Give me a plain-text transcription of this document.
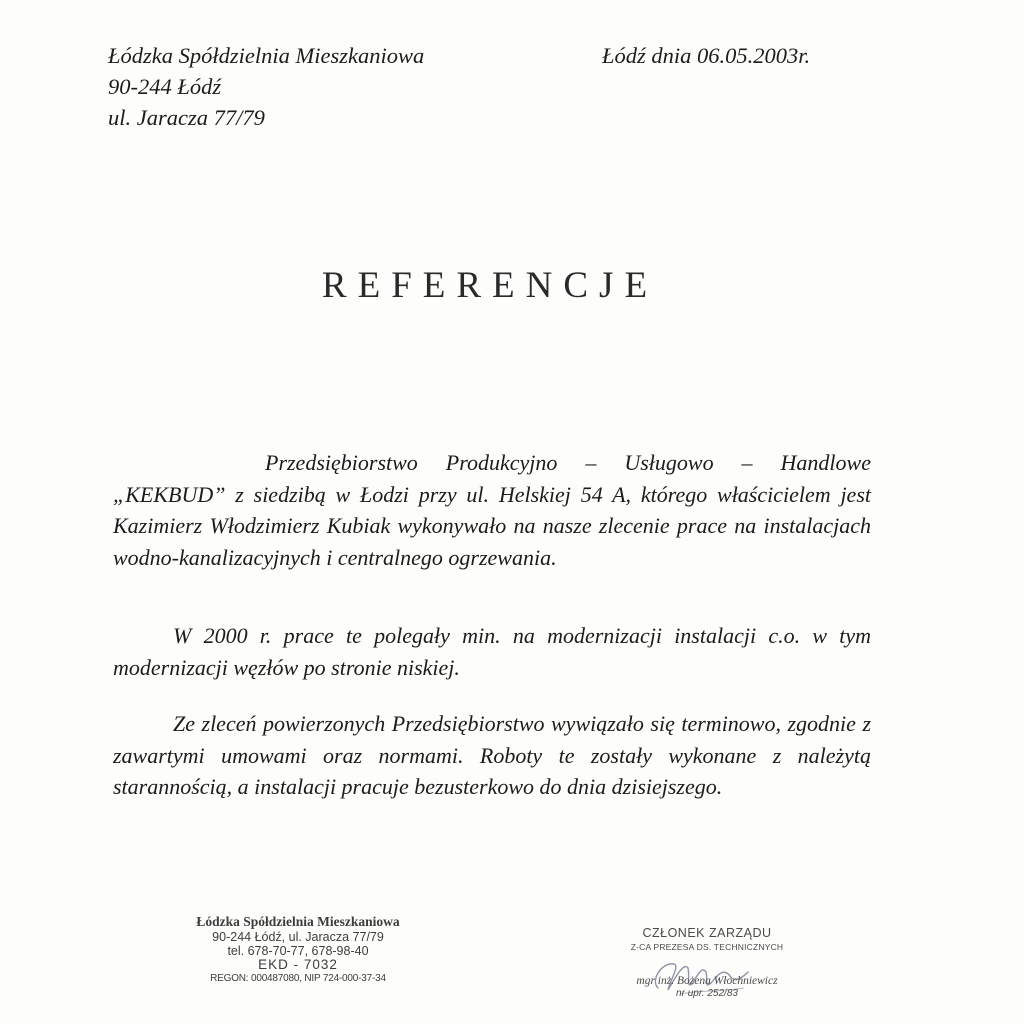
Łódzka Spółdzielnia Mieszkaniowa
90-244 Łódź
ul. Jaracza 77/79
Łódź dnia 06.05.2003r.
REFERENCJE

Przedsiębiorstwo Produkcyjno – Usługowo – Handlowe „KEKBUD” z siedzibą w Łodzi przy ul. Helskiej 54 A, którego właścicielem jest Kazimierz Włodzimierz Kubiak wykonywało na nasze zlecenie prace na instalacjach wodno-kanalizacyjnych i centralnego ogrzewania.

W 2000 r. prace te polegały min. na modernizacji instalacji c.o. w tym modernizacji węzłów po stronie niskiej.

Ze zleceń powierzonych Przedsiębiorstwo wywiązało się terminowo, zgodnie z zawartymi umowami oraz normami. Roboty te zostały wykonane z należytą starannością, a instalacji pracuje bezusterkowo do dnia dzisiejszego.

Łódzka Spółdzielnia Mieszkaniowa
90-244 Łódź, ul. Jaracza 77/79
tel. 678-70-77, 678-98-40
EKD - 7032
REGON: 000487080, NIP 724-000-37-34
CZŁONEK ZARZĄDU
Z-CA PREZESA DS. TECHNICZNYCH
mgr inż. Bożena Włochniewicz
nr upr. 252/83
